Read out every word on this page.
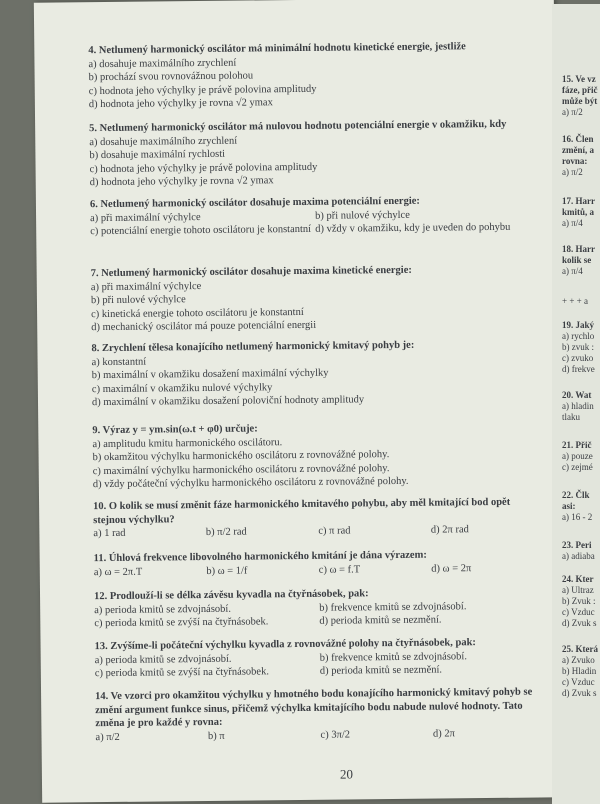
4. Netlumený harmonický oscilátor má minimální hodnotu kinetické energie, jestliže
a) dosahuje maximálního zrychlení
b) prochází svou rovnovážnou polohou
c) hodnota jeho výchylky je právě polovina amplitudy
d) hodnota jeho výchylky je rovna √2 ymax
5. Netlumený harmonický oscilátor má nulovou hodnotu potenciální energie v okamžiku, kdy
a) dosahuje maximálního zrychlení
b) dosahuje maximální rychlosti
c) hodnota jeho výchylky je právě polovina amplitudy
d) hodnota jeho výchylky je rovna √2 ymax
6. Netlumený harmonický oscilátor dosahuje maxima potenciální energie:
a) při maximální výchylce	b) při nulové výchylce
c) potenciální energie tohoto oscilátoru je konstantní d) vždy v okamžiku, kdy je uveden do pohybu
7. Netlumený harmonický oscilátor dosahuje maxima kinetické energie:
a) při maximální výchylce
b) při nulové výchylce
c) kinetická energie tohoto oscilátoru je konstantní
d) mechanický oscilátor má pouze potenciální energii
8. Zrychlení tělesa konajícího netlumený harmonický kmitavý pohyb je:
a) konstantní
b) maximální v okamžiku dosažení maximální výchylky
c) maximální v okamžiku nulové výchylky
d) maximální v okamžiku dosažení poloviční hodnoty amplitudy
9. Výraz y = ym.sin(ω.t + φ0) určuje:
a) amplitudu kmitu harmonického oscilátoru.
b) okamžitou výchylku harmonického oscilátoru z rovnovážné polohy.
c) maximální výchylku harmonického oscilátoru z rovnovážné polohy.
d) vždy počáteční výchylku harmonického oscilátoru z rovnovážné polohy.
10. O kolik se musí změnit fáze harmonického kmitavého pohybu, aby měl kmitající bod opět stejnou výchylku?
a) 1 rad	b) π/2 rad	c) π rad	d) 2π rad
11. Úhlová frekvence libovolného harmonického kmitání je dána výrazem:
a) ω = 2π.T	b) ω = 1/f	c) ω = f.T	d) ω = 2π
12. Prodlouží-li se délka závěsu kyvadla na čtyřnásobek, pak:
a) perioda kmitů se zdvojnásobí.	b) frekvence kmitů se zdvojnásobí.
c) perioda kmitů se zvýší na čtyřnásobek.	d) perioda kmitů se nezmění.
13. Zvýšíme-li počáteční výchylku kyvadla z rovnovážné polohy na čtyřnásobek, pak:
a) perioda kmitů se zdvojnásobí.	b) frekvence kmitů se zdvojnásobí.
c) perioda kmitů se zvýší na čtyřnásobek.	d) perioda kmitů se nezmění.
14. Ve vzorci pro okamžitou výchylku y hmotného bodu konajícího harmonický kmitavý pohyb se změní argument funkce sinus, přičemž výchylka kmitajícího bodu nabude nulové hodnoty. Tato změna je pro každé y rovna:
a) π/2	b) π	c) 3π/2	d) 2π
20
15. Ve vz
fáze, přič
může být
a) π/2
16. Člen
změní, a
rovna:
a) π/2
17. Harr
kmitů, a
a) π/4
18. Harr
kolik se
a) π/4
+ + + a
19. Jaký
a) rychlo
b) zvuk :
c) zvuko
d) frekve
20. Wat
a) hladin
tlaku
21. Přič
a) pouze
c) zejmé
22. Člk
asi:
a) 16 - 2
23. Peri
a) adiaba
24. Kter
a) Ultraz
b) Zvuk :
c) Vzduc
d) Zvuk s
25. Která
a) Zvuko
b) Hladin
c) Vzduc
d) Zvuk s
